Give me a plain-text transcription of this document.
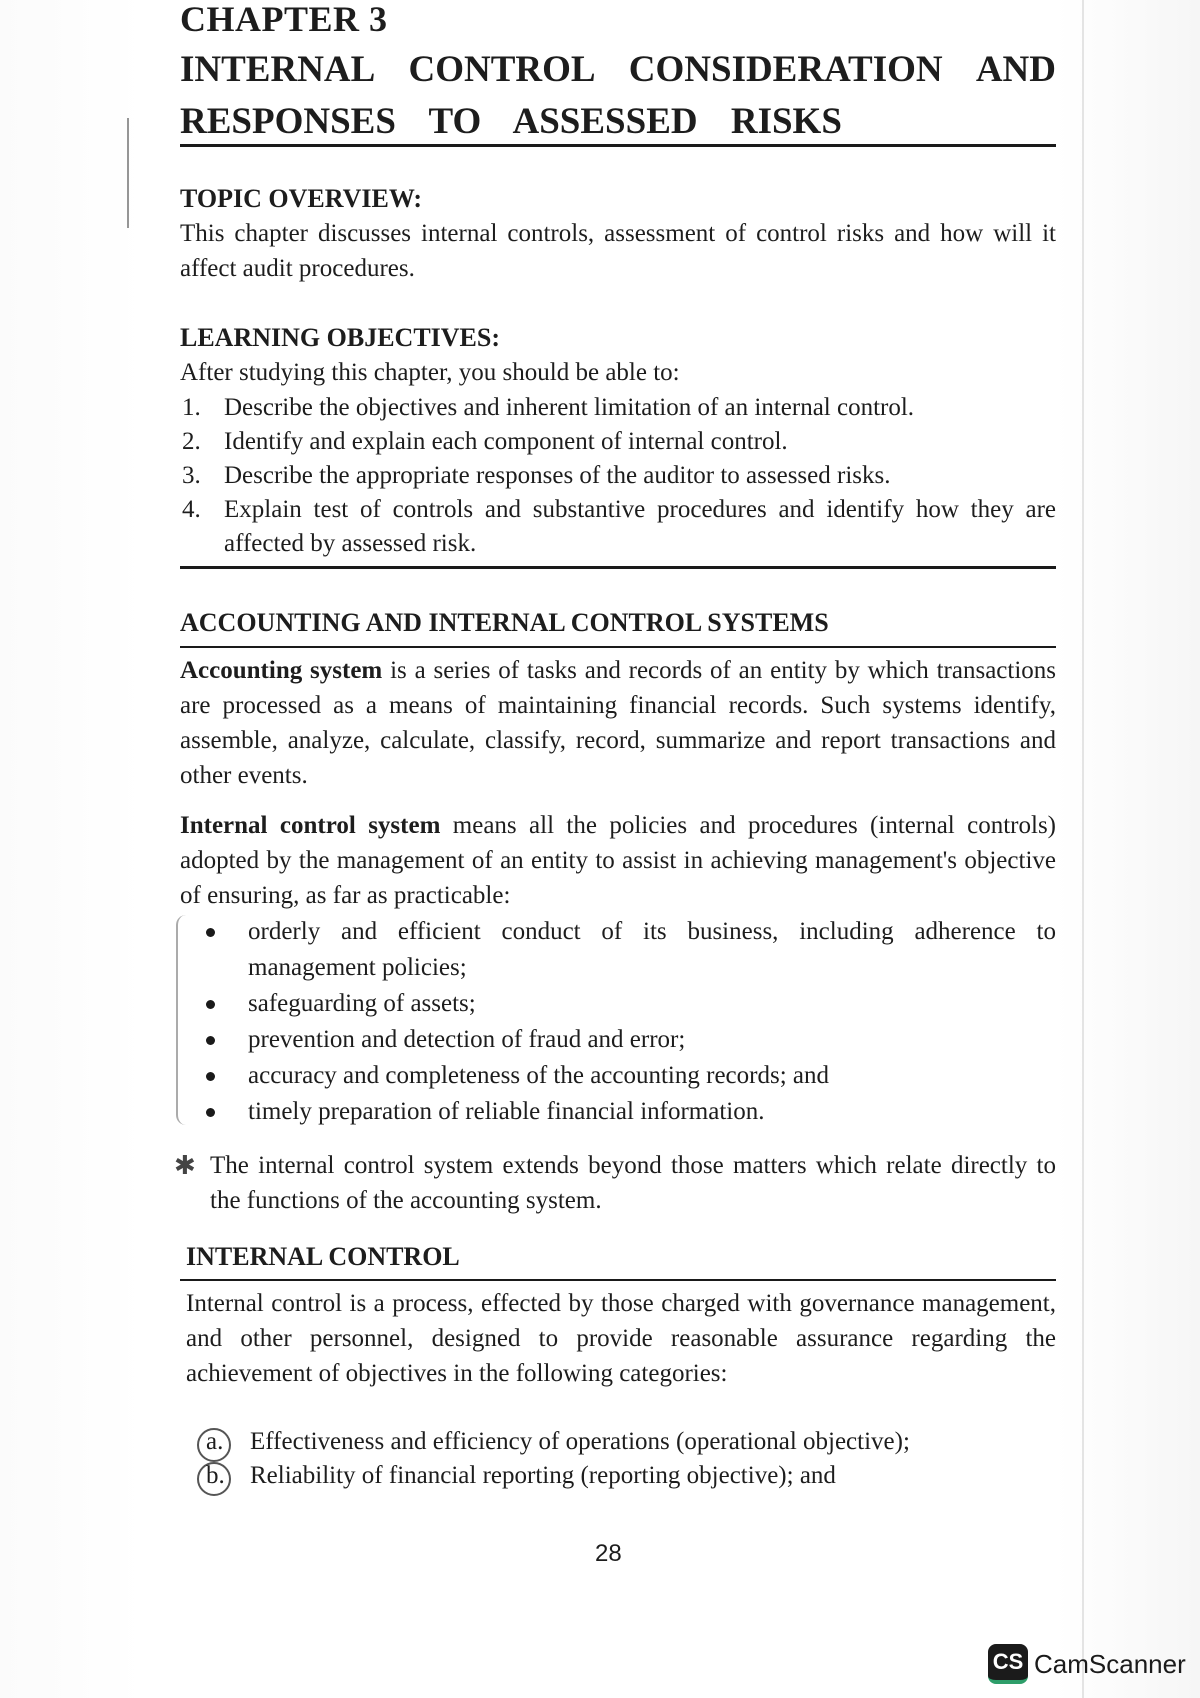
CHAPTER 3
INTERNAL CONTROL CONSIDERATION AND RESPONSES TO ASSESSED RISKS
TOPIC OVERVIEW:
This chapter discusses internal controls, assessment of control risks and how will it affect audit procedures.
LEARNING OBJECTIVES:
After studying this chapter, you should be able to:
1. Describe the objectives and inherent limitation of an internal control.
2. Identify and explain each component of internal control.
3. Describe the appropriate responses of the auditor to assessed risks.
4. Explain test of controls and substantive procedures and identify how they are affected by assessed risk.
ACCOUNTING AND INTERNAL CONTROL SYSTEMS
Accounting system is a series of tasks and records of an entity by which transactions are processed as a means of maintaining financial records. Such systems identify, assemble, analyze, calculate, classify, record, summarize and report transactions and other events.
Internal control system means all the policies and procedures (internal controls) adopted by the management of an entity to assist in achieving management's objective of ensuring, as far as practicable:
orderly and efficient conduct of its business, including adherence to management policies;
safeguarding of assets;
prevention and detection of fraud and error;
accuracy and completeness of the accounting records; and
timely preparation of reliable financial information.
✱ The internal control system extends beyond those matters which relate directly to the functions of the accounting system.
INTERNAL CONTROL
Internal control is a process, effected by those charged with governance management, and other personnel, designed to provide reasonable assurance regarding the achievement of objectives in the following categories:
a. Effectiveness and efficiency of operations (operational objective);
b. Reliability of financial reporting (reporting objective); and
28
CS CamScanner
